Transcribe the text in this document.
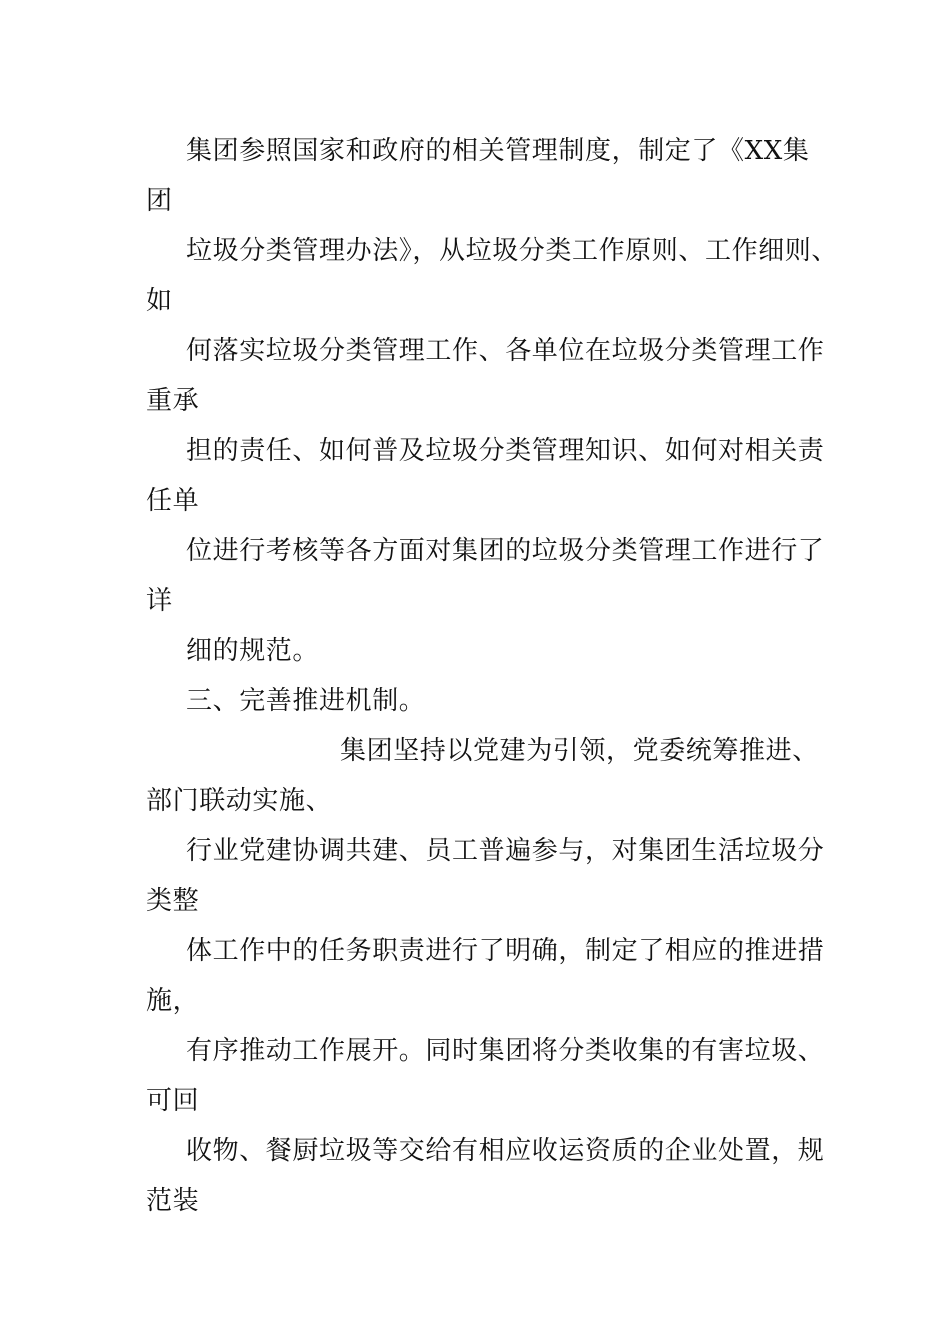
集团参照国家和政府的相关管理制度，制定了《XX集
团
垃圾分类管理办法》，从垃圾分类工作原则、工作细则、
如
何落实垃圾分类管理工作、各单位在垃圾分类管理工作
重承
担的责任、如何普及垃圾分类管理知识、如何对相关责
任单
位进行考核等各方面对集团的垃圾分类管理工作进行了
详
细的规范。
三、完善推进机制。
集团坚持以党建为引领，党委统筹推进、
部门联动实施、
行业党建协调共建、员工普遍参与，对集团生活垃圾分
类整
体工作中的任务职责进行了明确，制定了相应的推进措
施，
有序推动工作展开。同时集团将分类收集的有害垃圾、
可回
收物、餐厨垃圾等交给有相应收运资质的企业处置，规
范装
